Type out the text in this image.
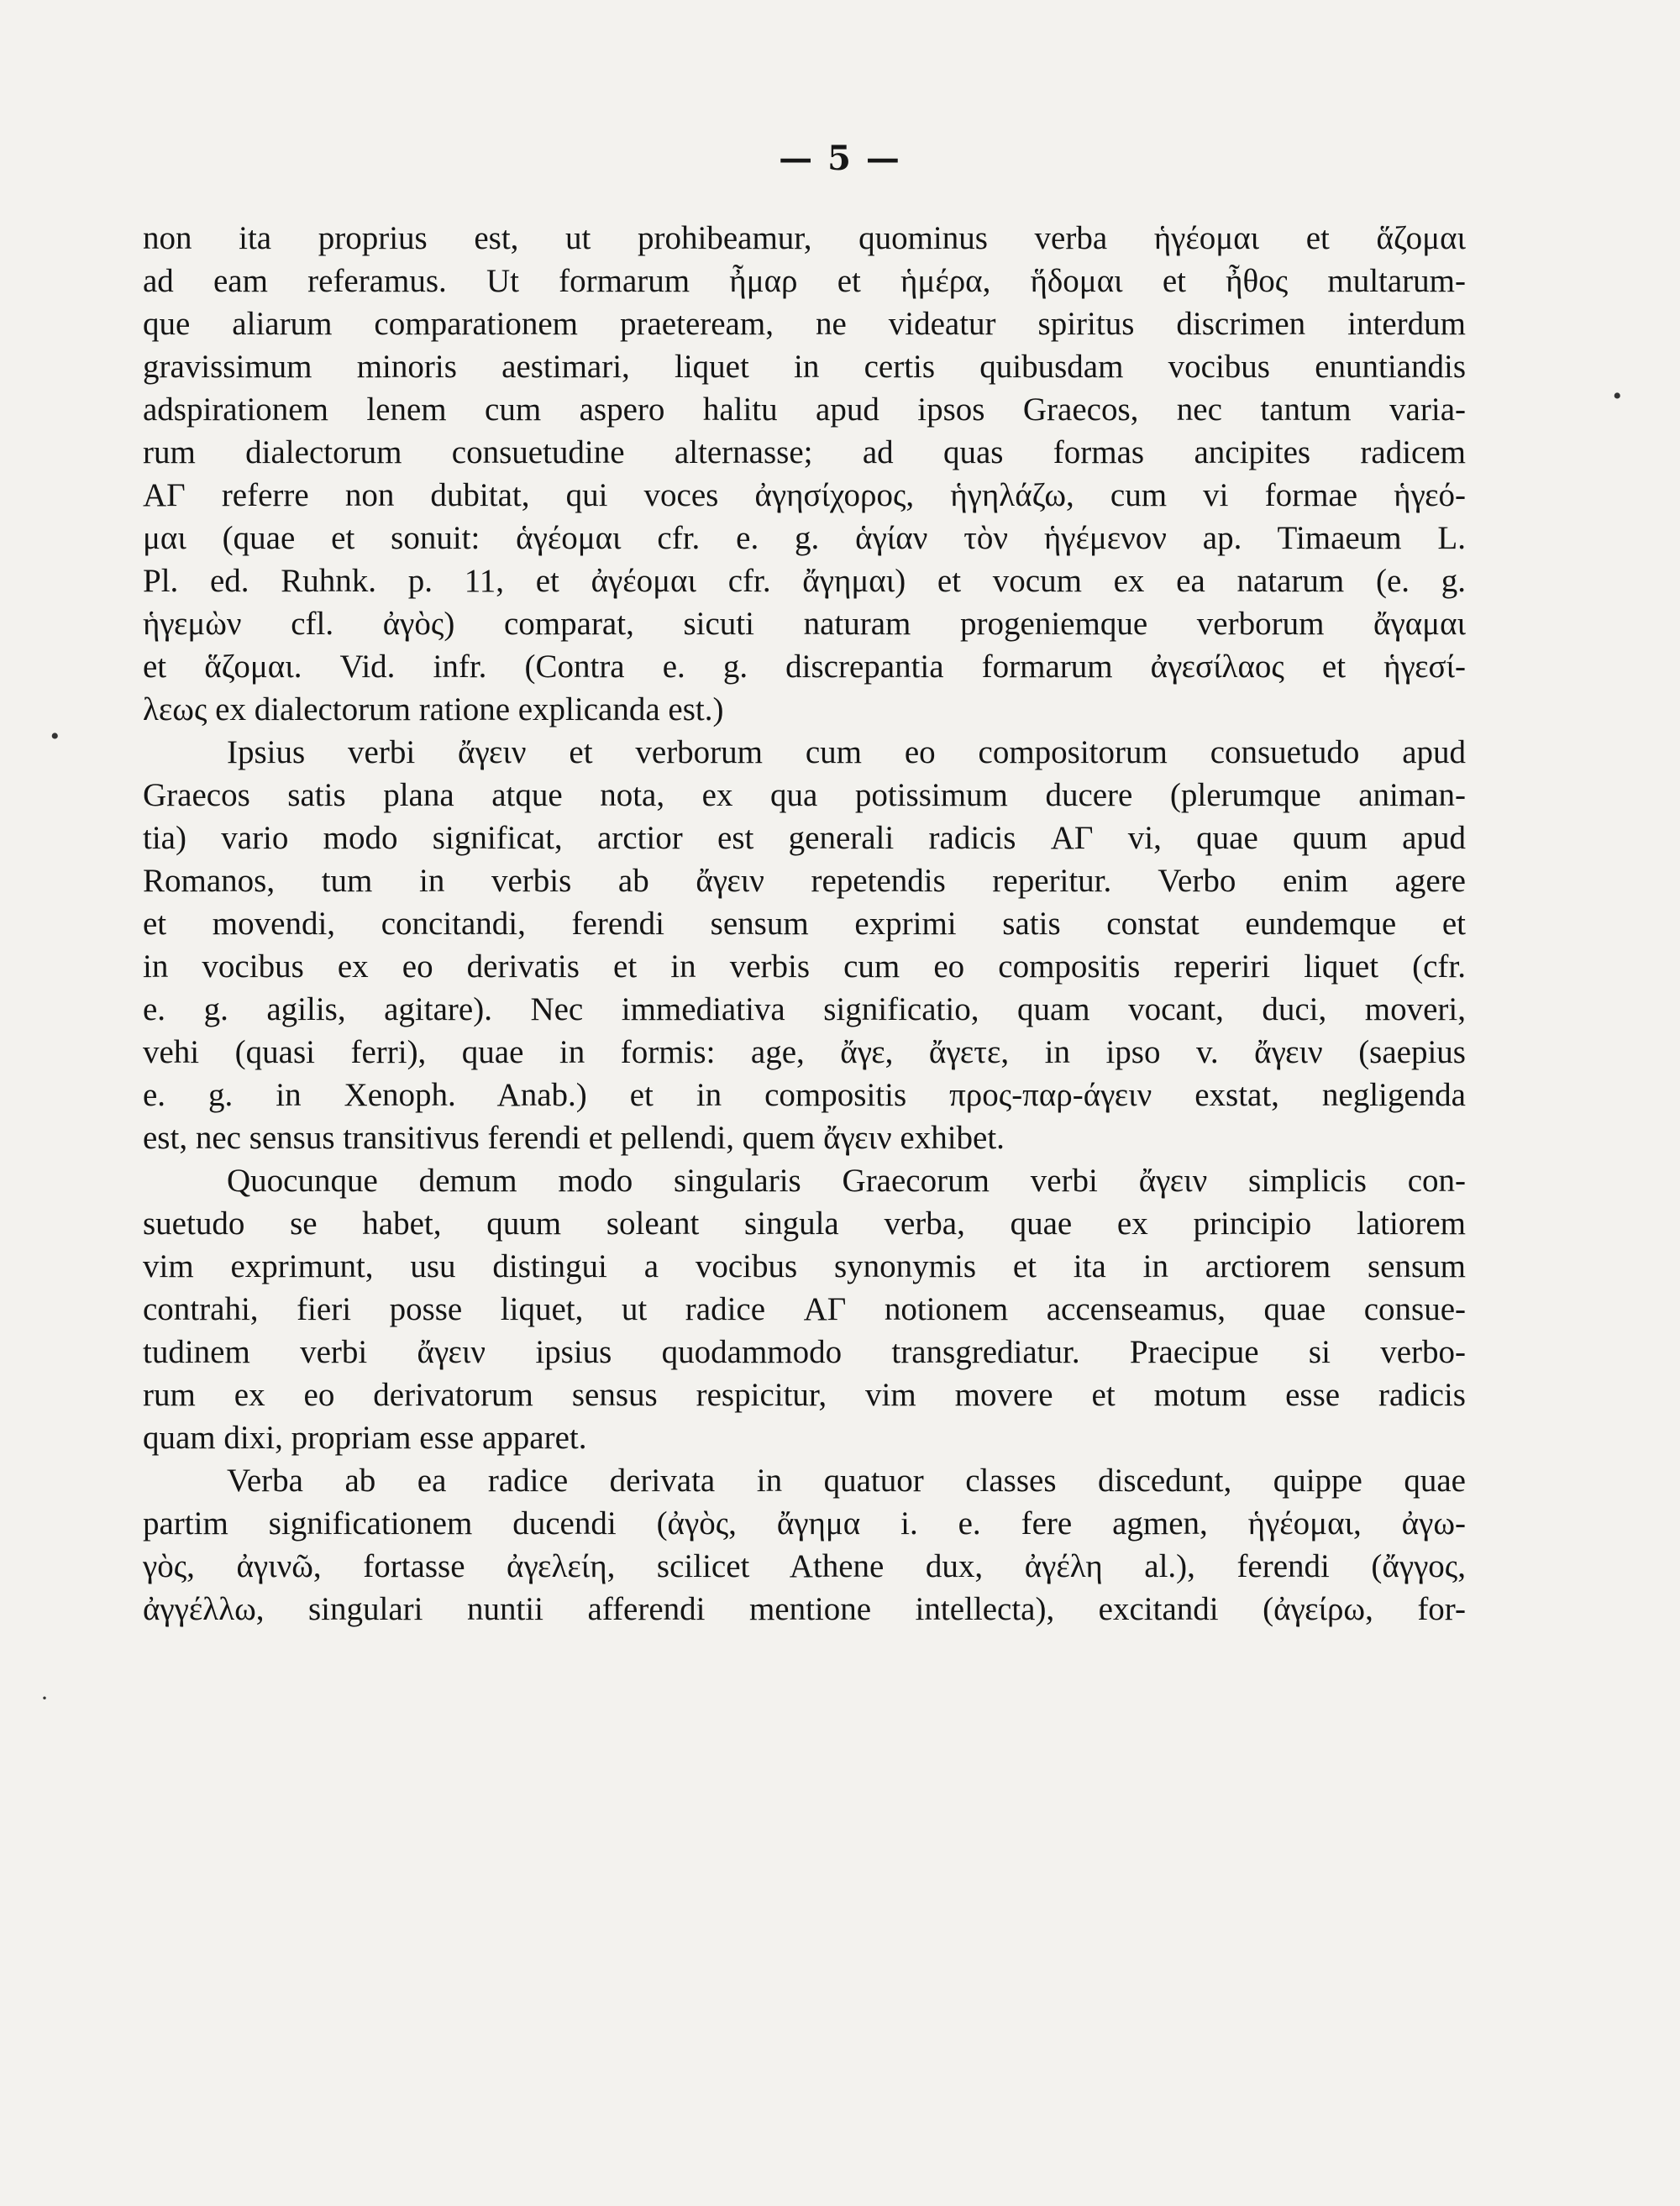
— 5 —
non ita proprius est, ut prohibeamur, quominus verba ἡγέομαι et ἅζομαι
ad eam referamus. Ut formarum ἦμαρ et ἡμέρα, ἥδομαι et ἦθος multarum-
que aliarum comparationem praeteream, ne videatur spiritus discrimen interdum
gravissimum minoris aestimari, liquet in certis quibusdam vocibus enuntiandis
adspirationem lenem cum aspero halitu apud ipsos Graecos, nec tantum varia-
rum dialectorum consuetudine alternasse; ad quas formas ancipites radicem
ΑΓ referre non dubitat, qui voces ἀγησίχορος, ἡγηλάζω, cum vi formae ἡγεό-
μαι (quae et sonuit: ἁγέομαι cfr. e. g. ἁγίαν τὸν ἡγέμενον ap. Timaeum L.
Pl. ed. Ruhnk. p. 11, et ἀγέομαι cfr. ἄγημαι) et vocum ex ea natarum (e. g.
ἡγεμὼν cfl. ἀγὸς) comparat, sicuti naturam progeniemque verborum ἄγαμαι
et ἅζομαι. Vid. infr. (Contra e. g. discrepantia formarum ἀγεσίλαος et ἡγεσί-
λεως ex dialectorum ratione explicanda est.)
Ipsius verbi ἄγειν et verborum cum eo compositorum consuetudo apud
Graecos satis plana atque nota, ex qua potissimum ducere (plerumque animan-
tia) vario modo significat, arctior est generali radicis ΑΓ vi, quae quum apud
Romanos, tum in verbis ab ἄγειν repetendis reperitur. Verbo enim agere
et movendi, concitandi, ferendi sensum exprimi satis constat eundemque et
in vocibus ex eo derivatis et in verbis cum eo compositis reperiri liquet (cfr.
e. g. agilis, agitare). Nec immediativa significatio, quam vocant, duci, moveri,
vehi (quasi ferri), quae in formis: age, ἄγε, ἄγετε, in ipso v. ἄγειν (saepius
e. g. in Xenoph. Anab.) et in compositis προς-παρ-άγειν exstat, negligenda
est, nec sensus transitivus ferendi et pellendi, quem ἄγειν exhibet.
Quocunque demum modo singularis Graecorum verbi ἄγειν simplicis con-
suetudo se habet, quum soleant singula verba, quae ex principio latiorem
vim exprimunt, usu distingui a vocibus synonymis et ita in arctiorem sensum
contrahi, fieri posse liquet, ut radice ΑΓ notionem accenseamus, quae consue-
tudinem verbi ἄγειν ipsius quodammodo transgrediatur. Praecipue si verbo-
rum ex eo derivatorum sensus respicitur, vim movere et motum esse radicis
quam dixi, propriam esse apparet.
Verba ab ea radice derivata in quatuor classes discedunt, quippe quae
partim significationem ducendi (ἀγὸς, ἄγημα i. e. fere agmen, ἡγέομαι, ἀγω-
γὸς, ἀγινῶ, fortasse ἀγελείη, scilicet Athene dux, ἀγέλη al.), ferendi (ἄγγος,
ἀγγέλλω, singulari nuntii afferendi mentione intellecta), excitandi (ἀγείρω, for-
•
•
·
